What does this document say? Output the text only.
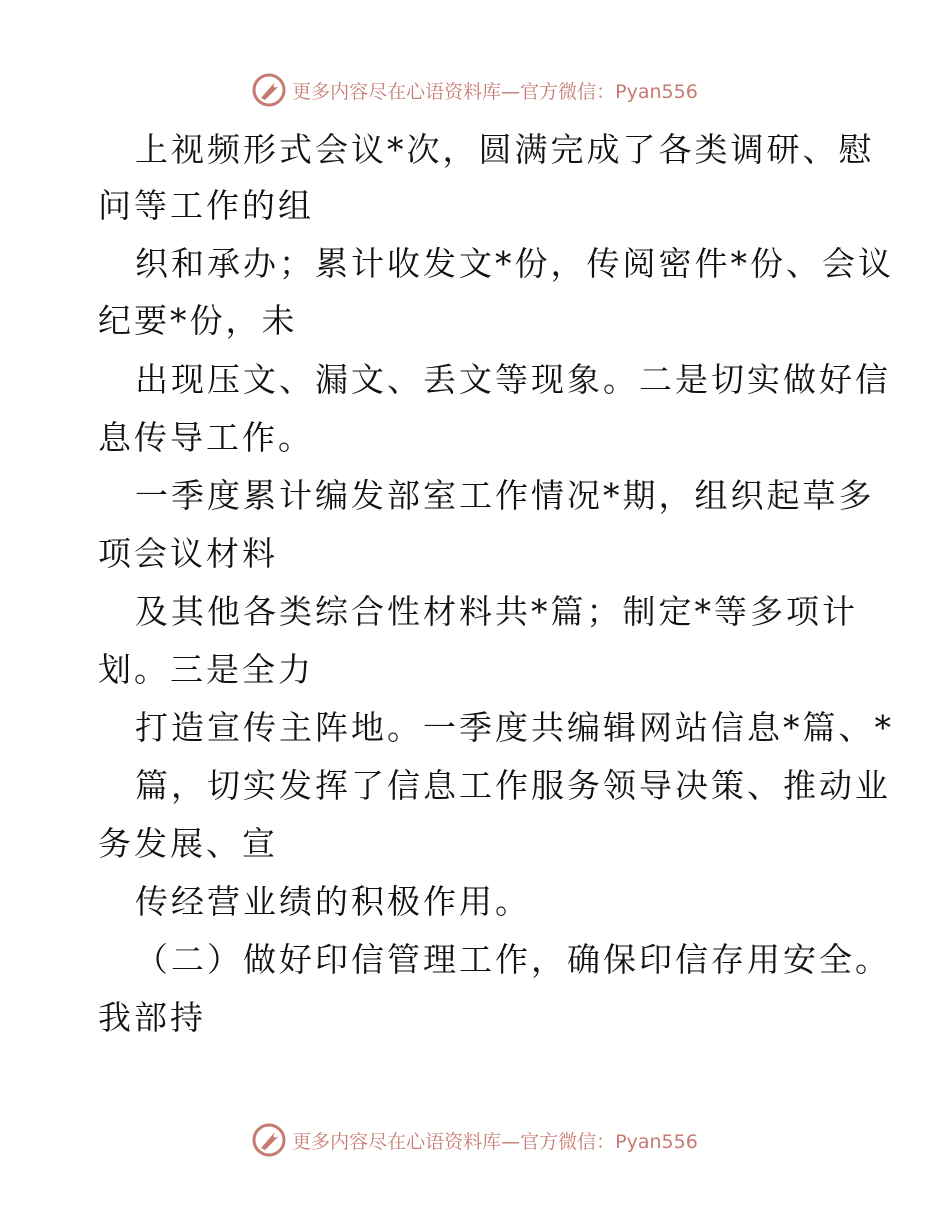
更多内容尽在心语资料库—官方微信：Pyan556
上视频形式会议*次，圆满完成了各类调研、慰
问等工作的组
织和承办；累计收发文*份，传阅密件*份、会议
纪要*份，未
出现压文、漏文、丢文等现象。二是切实做好信
息传导工作。
一季度累计编发部室工作情况*期，组织起草多
项会议材料
及其他各类综合性材料共*篇；制定*等多项计
划。三是全力
打造宣传主阵地。一季度共编辑网站信息*篇、*
篇，切实发挥了信息工作服务领导决策、推动业
务发展、宣
传经营业绩的积极作用。
（二）做好印信管理工作，确保印信存用安全。
我部持
更多内容尽在心语资料库—官方微信：Pyan556
